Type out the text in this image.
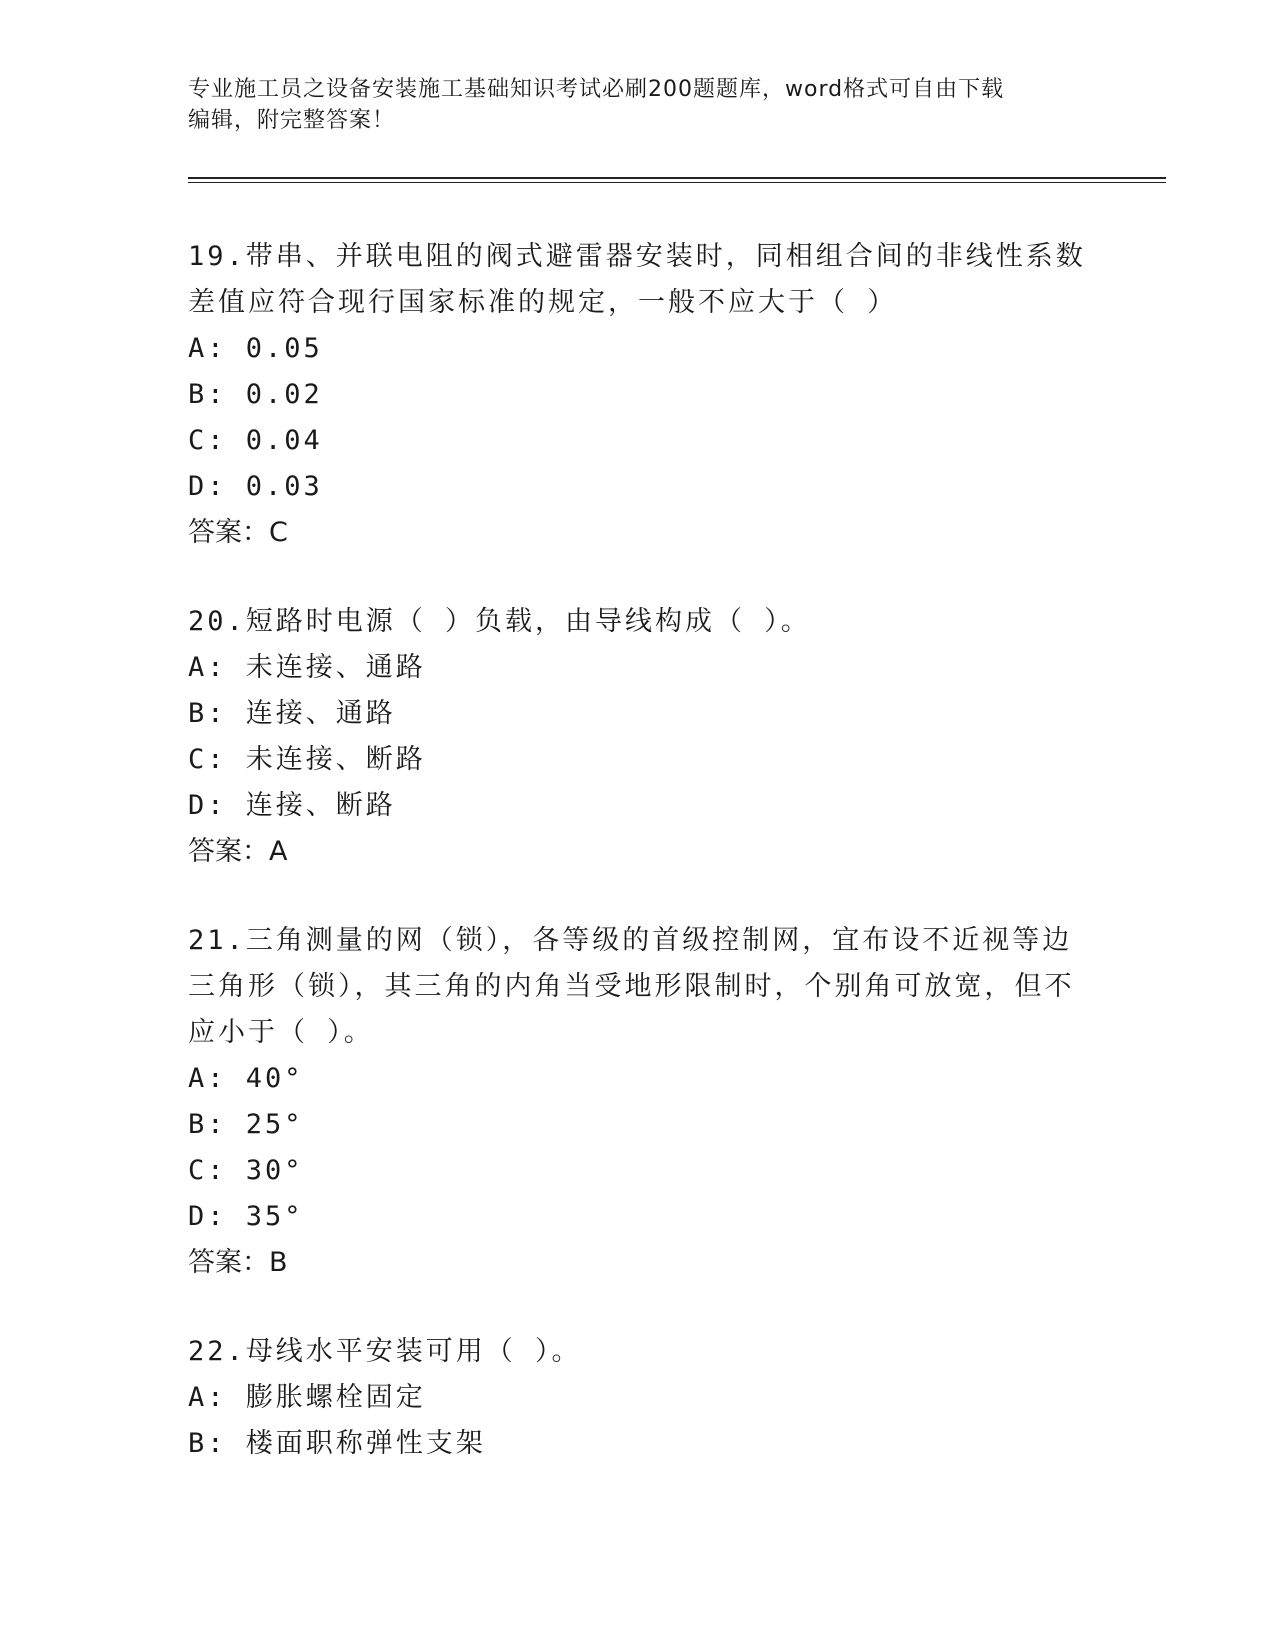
专业施工员之设备安装施工基础知识考试必刷200题题库，word格式可自由下载
编辑，附完整答案！
19.带串、并联电阻的阀式避雷器安装时，同相组合间的非线性系数差值应符合现行国家标准的规定，一般不应大于（ ）
A: 0.05
B: 0.02
C: 0.04
D: 0.03
答案：C
20.短路时电源（ ）负载，由导线构成（ ）。
A: 未连接、通路
B: 连接、通路
C: 未连接、断路
D: 连接、断路
答案：A
21.三角测量的网（锁），各等级的首级控制网，宜布设不近视等边三角形（锁），其三角的内角当受地形限制时，个别角可放宽，但不应小于（ ）。
A: 40°
B: 25°
C: 30°
D: 35°
答案：B
22.母线水平安装可用（ ）。
A: 膨胀螺栓固定
B: 楼面职称弹性支架
